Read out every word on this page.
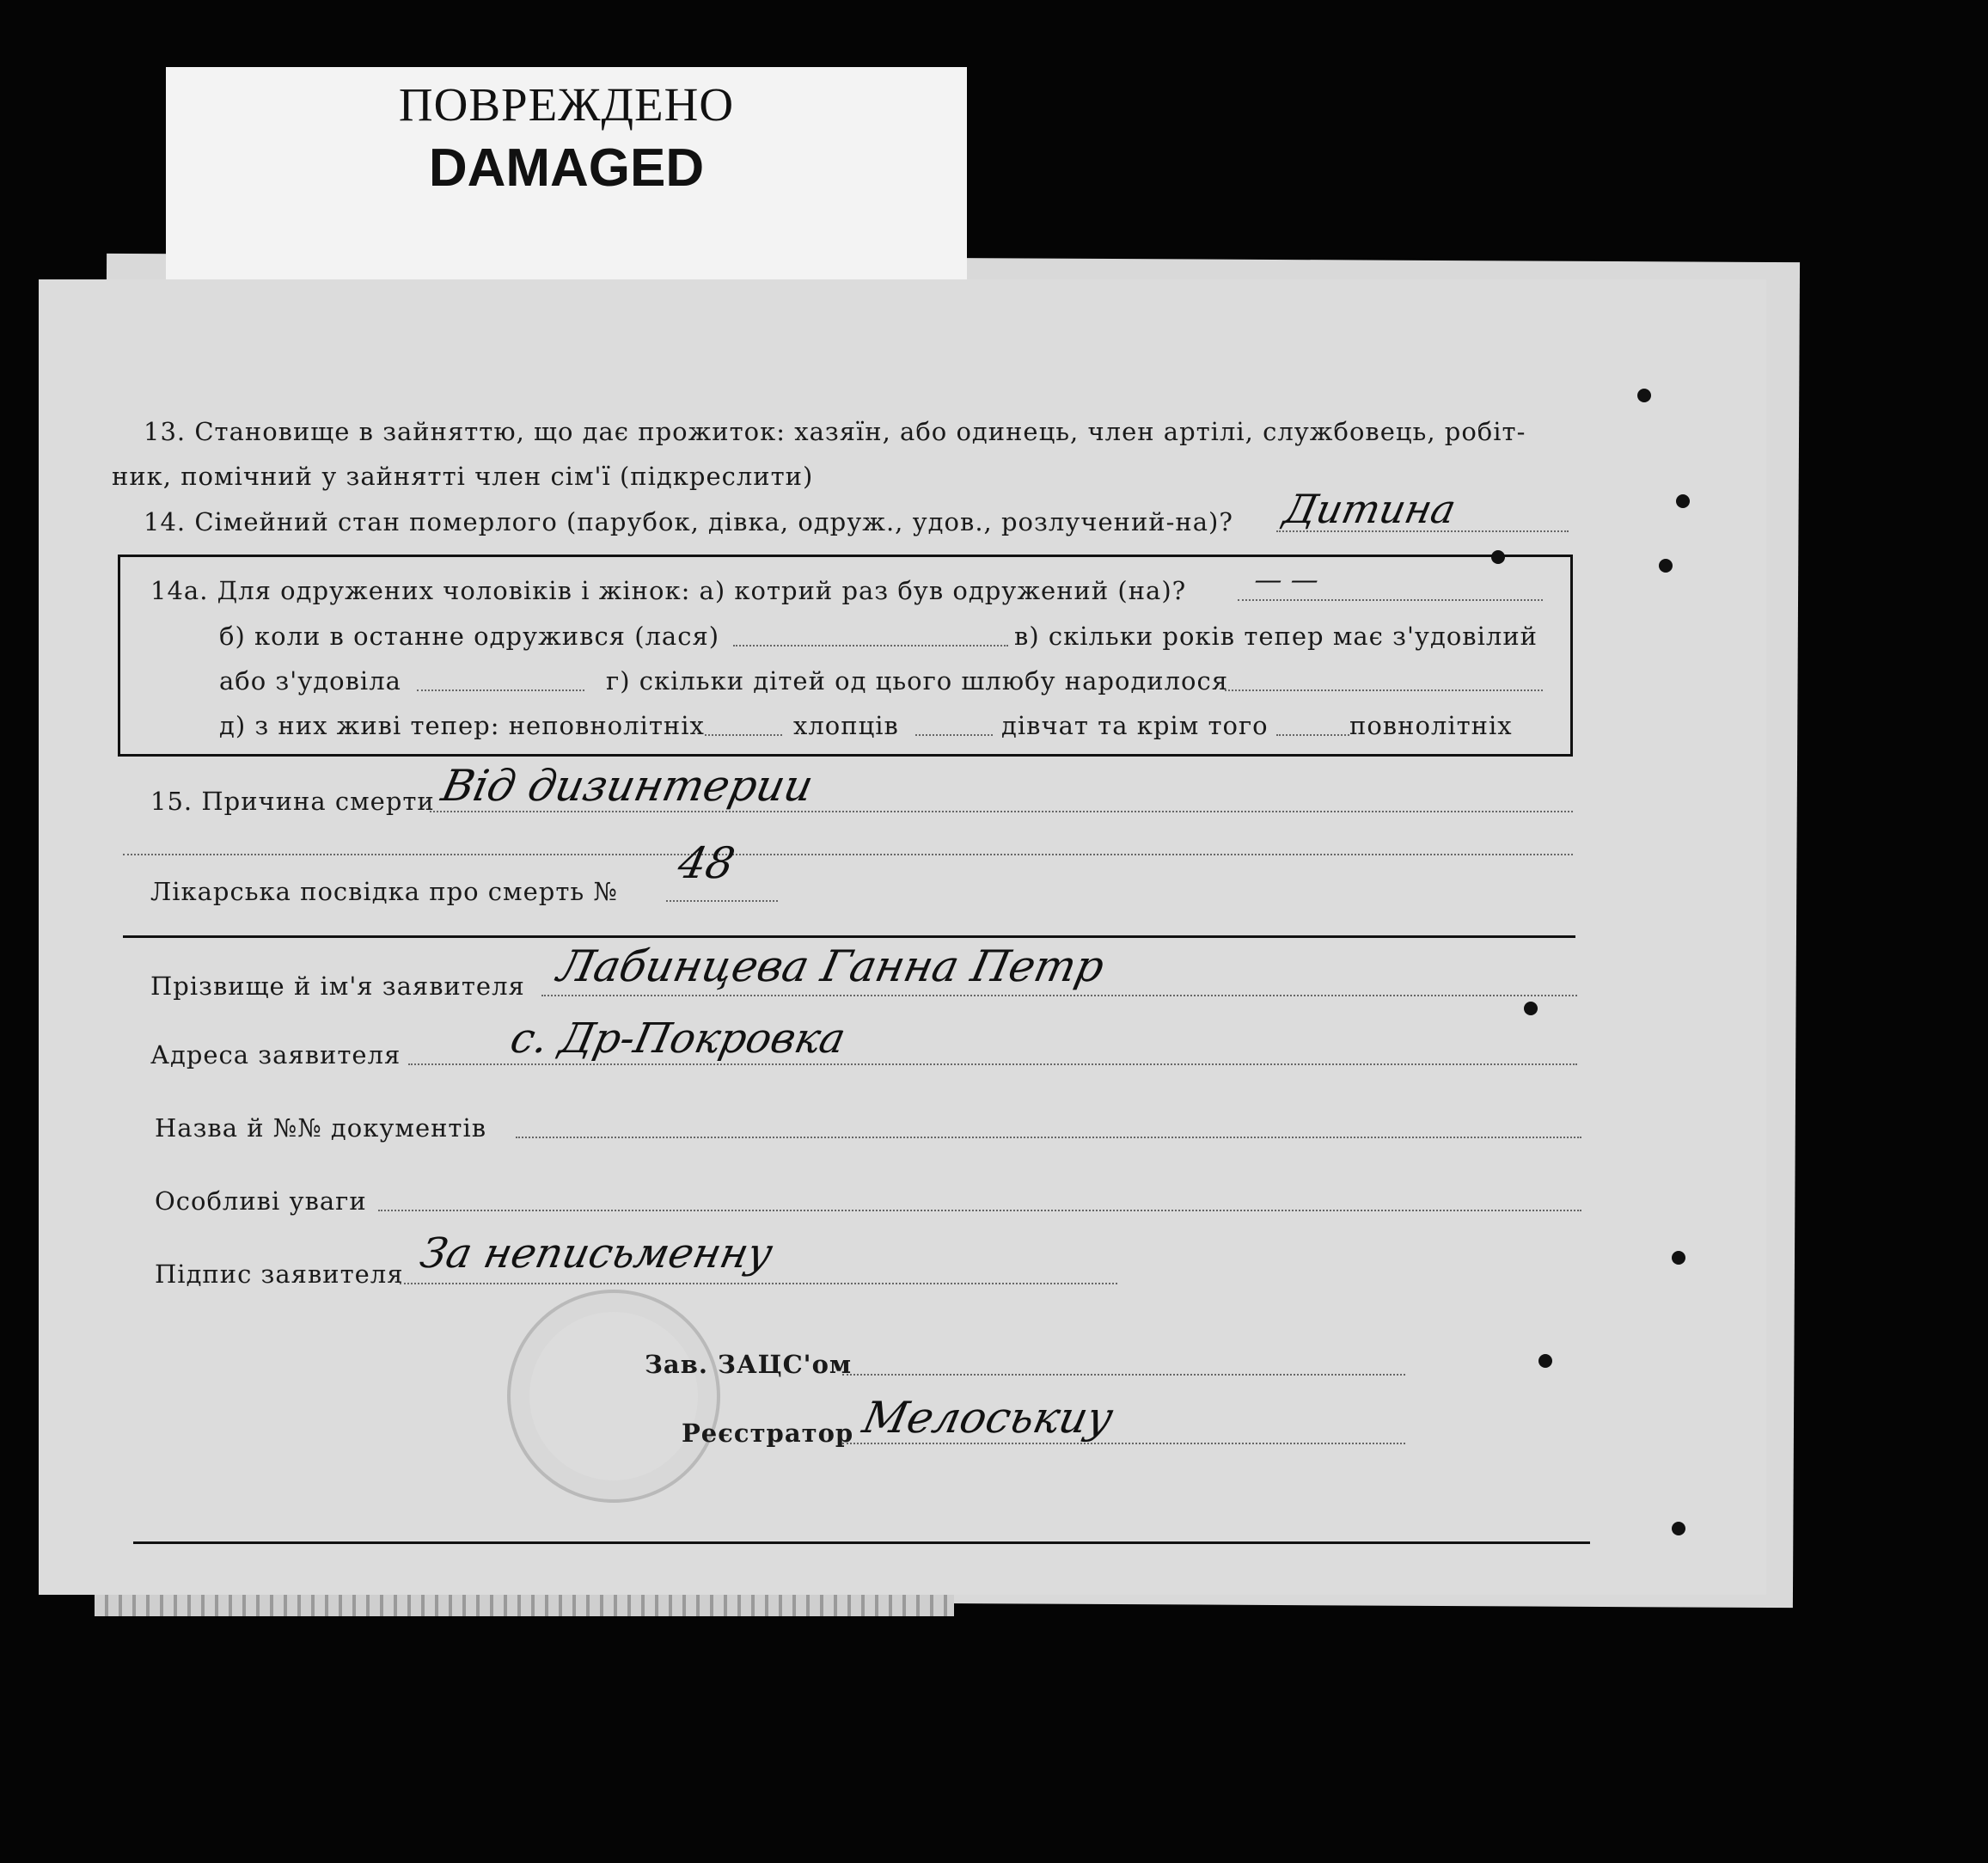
ПОВРЕЖДЕНО
DAMAGED
13. Становище в зайняттю, що дає прожиток: хазяїн, або одинець, член артілі, службовець, робіт-
ник, помічний у зайнятті член сім'ї (підкреслити)
14. Сімейний стан померлого (парубок, дівка, одруж., удов., розлучений-на)? Дитина
14а. Для одружених чоловіків і жінок: а) котрий раз був одружений (на)? — —
б) коли в останне одружився (лася)	в) скільки років тепер має з'удовілий
або з'удовіла	г) скільки дітей од цього шлюбу народилося
д) з них живі тепер: неповнолітніх	хлопців	дівчат та крім того	повнолітніх
15. Причина смерти Від дизинтерии
Лікарська посвідка про смерть №
48
Прізвище й ім'я заявителя Лабинцева Ганна Петр
Адреса заявителя	с. Др-Покровка
Назва й №№ документів
Особливі уваги
Підпис заявителя За неписьменну
Зав. ЗАЦС'ом
Реєстратор Мелоськиу
